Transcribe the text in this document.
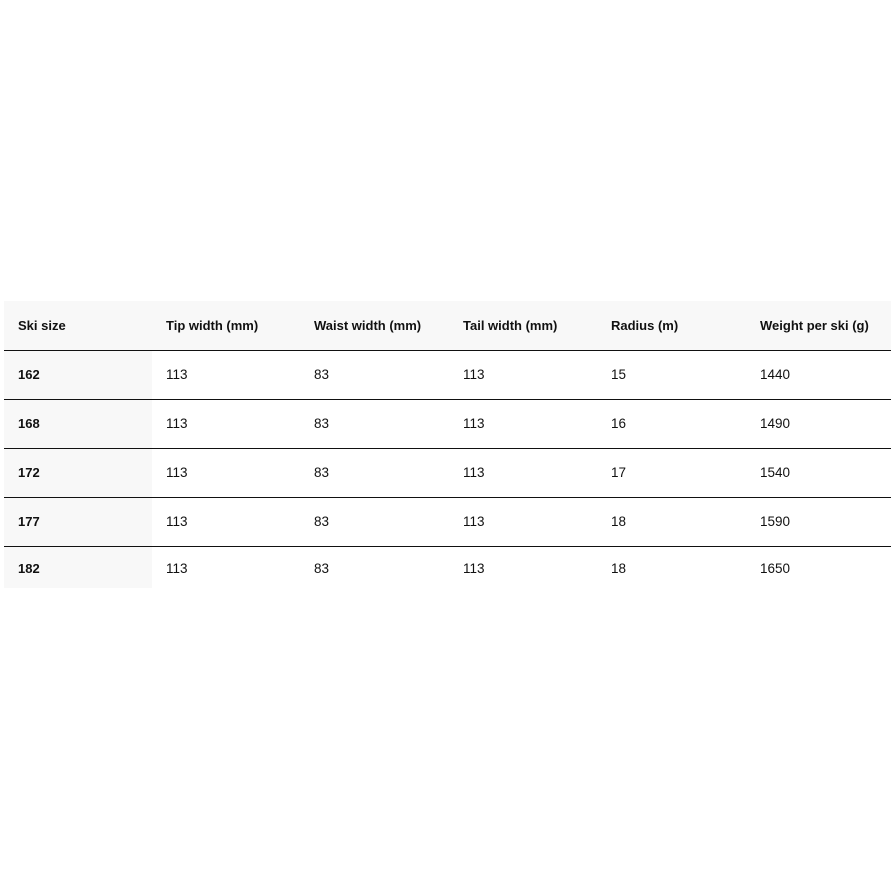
Ski size	Tip width (mm)	Waist width (mm)	Tail width (mm)	Radius (m)	Weight per ski (g)
162	113	83	113	15	1440
168	113	83	113	16	1490
172	113	83	113	17	1540
177	113	83	113	18	1590
182	113	83	113	18	1650
